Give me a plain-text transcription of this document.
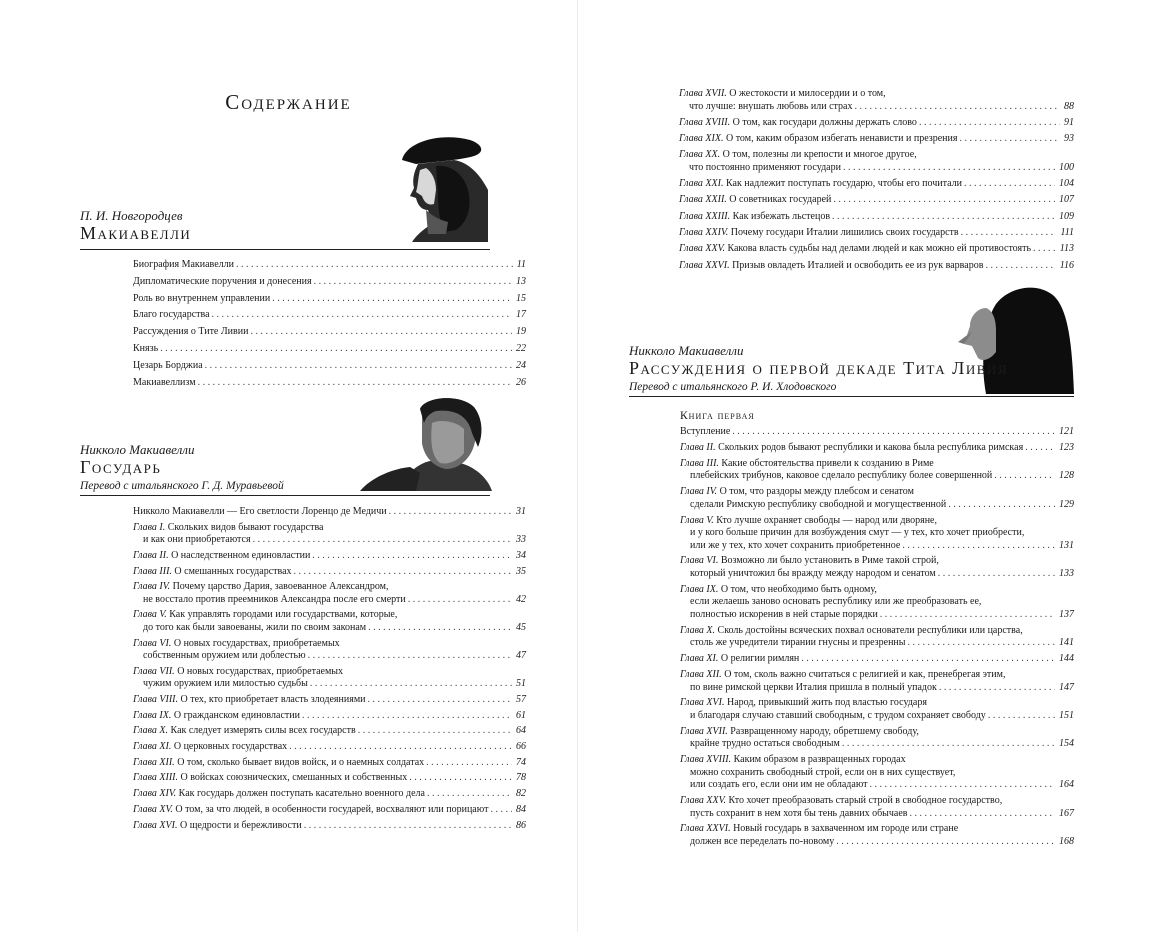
Содержание
П. И. Новгородцев
Макиавелли
Биография Макиавелли . . .	11
Дипломатические поручения и донесения . . .	13
Роль во внутреннем управлении . . .	15
Благо государства . . .	17
Рассуждения о Тите Ливии . . .	19
Князь . . .	22
Цезарь Борджиа . . .	24
Макиавеллизм . . .	26
Никколо Макиавелли
Государь
Перевод с итальянского Г. Д. Муравьевой
Никколо Макиавелли — Его светлости Лоренцо де Медичи . . .	31
Глава I. Скольких видов бывают государства
и как они приобретаются . . .	33
Глава II. О наследственном единовластии . . .	34
Глава III. О смешанных государствах . . .	35
Глава IV. Почему царство Дария, завоеванное Александром,
не восстало против преемников Александра после его смерти . . .	42
Глава V. Как управлять городами или государствами, которые,
до того как были завоеваны, жили по своим законам . . .	45
Глава VI. О новых государствах, приобретаемых
собственным оружием или доблестью . . .	47
Глава VII. О новых государствах, приобретаемых
чужим оружием или милостью судьбы . . .	51
Глава VIII. О тех, кто приобретает власть злодеяниями . . .	57
Глава IX. О гражданском единовластии . . .	61
Глава X. Как следует измерять силы всех государств . . .	64
Глава XI. О церковных государствах . . .	66
Глава XII. О том, сколько бывает видов войск, и о наемных солдатах . . .	74
Глава XIII. О войсках союзнических, смешанных и собственных . . .	78
Глава XIV. Как государь должен поступать касательно военного дела . . .	82
Глава XV. О том, за что людей, в особенности государей, восхваляют или порицают . . .	84
Глава XVI. О щедрости и бережливости . . .	86
Глава XVII. О жестокости и милосердии и о том,
что лучше: внушать любовь или страх . . .	88
Глава XVIII. О том, как государи должны держать слово . . .	91
Глава XIX. О том, каким образом избегать ненависти и презрения . . .	93
Глава XX. О том, полезны ли крепости и многое другое,
что постоянно применяют государи . . .	100
Глава XXI. Как надлежит поступать государю, чтобы его почитали . . .	104
Глава XXII. О советниках государей . . .	107
Глава XXIII. Как избежать льстецов . . .	109
Глава XXIV. Почему государи Италии лишились своих государств . . .	111
Глава XXV. Какова власть судьбы над делами людей и как можно ей противостоять . . .	113
Глава XXVI. Призыв овладеть Италией и освободить ее из рук варваров . . .	116
Никколо Макиавелли
Рассуждения о первой декаде Тита Ливия
Перевод с итальянского Р. И. Хлодовского
Книга первая
Вступление . . .	121
Глава II. Скольких родов бывают республики и какова была республика римская . . .	123
Глава III. Какие обстоятельства привели к созданию в Риме
плебейских трибунов, каковое сделало республику более совершенной . . .	128
Глава IV. О том, что раздоры между плебсом и сенатом
сделали Римскую республику свободной и могущественной . . .	129
Глава V. Кто лучше охраняет свободы — народ или дворяне,
и у кого больше причин для возбуждения смут — у тех, кто хочет приобрести,
или же у тех, кто хочет сохранить приобретенное . . .	131
Глава VI. Возможно ли было установить в Риме такой строй,
который уничтожил бы вражду между народом и сенатом . . .	133
Глава IX. О том, что необходимо быть одному,
если желаешь заново основать республику или же преобразовать ее,
полностью искоренив в ней старые порядки . . .	137
Глава X. Сколь достойны всяческих похвал основатели республики или царства,
столь же учредители тирании гнусны и презренны . . .	141
Глава XI. О религии римлян . . .	144
Глава XII. О том, сколь важно считаться с религией и как, пренебрегая этим,
по вине римской церкви Италия пришла в полный упадок . . .	147
Глава XVI. Народ, привыкший жить под властью государя
и благодаря случаю ставший свободным, с трудом сохраняет свободу . . .	151
Глава XVII. Развращенному народу, обретшему свободу,
крайне трудно остаться свободным . . .	154
Глава XVIII. Каким образом в развращенных городах
можно сохранить свободный строй, если он в них существует,
или создать его, если они им не обладают . . .	164
Глава XXV. Кто хочет преобразовать старый строй в свободное государство,
пусть сохранит в нем хотя бы тень давних обычаев . . .	167
Глава XXVI. Новый государь в захваченном им городе или стране
должен все переделать по-новому . . .	168
